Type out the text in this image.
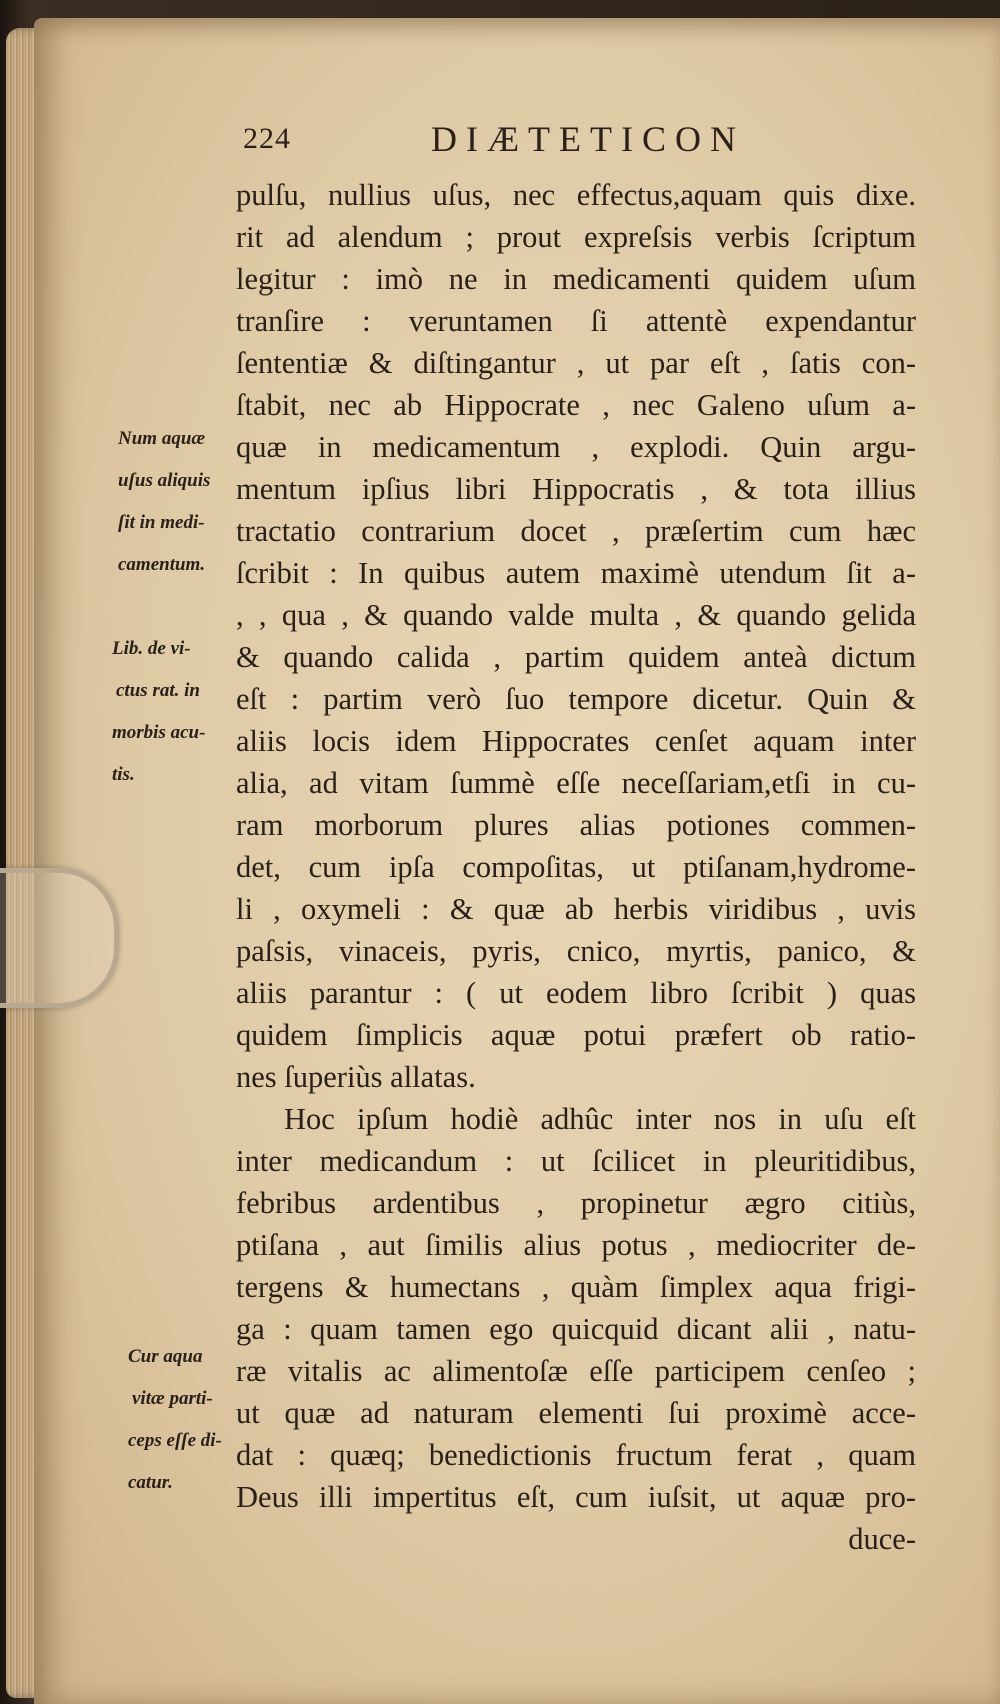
224	DIÆTETICON
Num aquæ
uſus aliquis
ſit in medi-
camentum.
Lib. de vi-
ctus rat. in
morbis acu-
tis.
Cur aqua
vitæ parti-
ceps eſſe di-
catur.
pulſu, nullius uſus, nec effectus,aquam quis dixe.
rit ad alendum ; prout expreſsis verbis ſcriptum
legitur : imò ne in medicamenti quidem uſum
tranſire : veruntamen ſi attentè expendantur
ſententiæ & diſtingantur , ut par eſt , ſatis con-
ſtabit, nec ab Hippocrate , nec Galeno uſum a-
quæ in medicamentum , explodi. Quin argu-
mentum ipſius libri Hippocratis , & tota illius
tractatio contrarium docet , præſertim cum hæc
ſcribit : In quibus autem maximè utendum ſit a-
, , qua , & quando valde multa , & quando gelida
& quando calida , partim quidem anteà dictum
eſt : partim verò ſuo tempore dicetur. Quin &
aliis locis idem Hippocrates cenſet aquam inter
alia, ad vitam ſummè eſſe neceſſariam,etſi in cu-
ram morborum plures alias potiones commen-
det, cum ipſa compoſitas, ut ptiſanam,hydrome-
li , oxymeli : & quæ ab herbis viridibus , uvis
paſsis, vinaceis, pyris, cnico, myrtis, panico, &
aliis parantur : ( ut eodem libro ſcribit ) quas
quidem ſimplicis aquæ potui præfert ob ratio-
nes ſuperiùs allatas.
Hoc ipſum hodiè adhûc inter nos in uſu eſt
inter medicandum : ut ſcilicet in pleuritidibus,
febribus ardentibus , propinetur ægro citiùs,
ptiſana , aut ſimilis alius potus , mediocriter de-
tergens & humectans , quàm ſimplex aqua frigi-
ga : quam tamen ego quicquid dicant alii , natu-
ræ vitalis ac alimentoſæ eſſe participem cenſeo ;
ut quæ ad naturam elementi ſui proximè acce-
dat : quæq; benedictionis fructum ferat , quam
Deus illi impertitus eſt, cum iuſsit, ut aquæ pro-
duce-
